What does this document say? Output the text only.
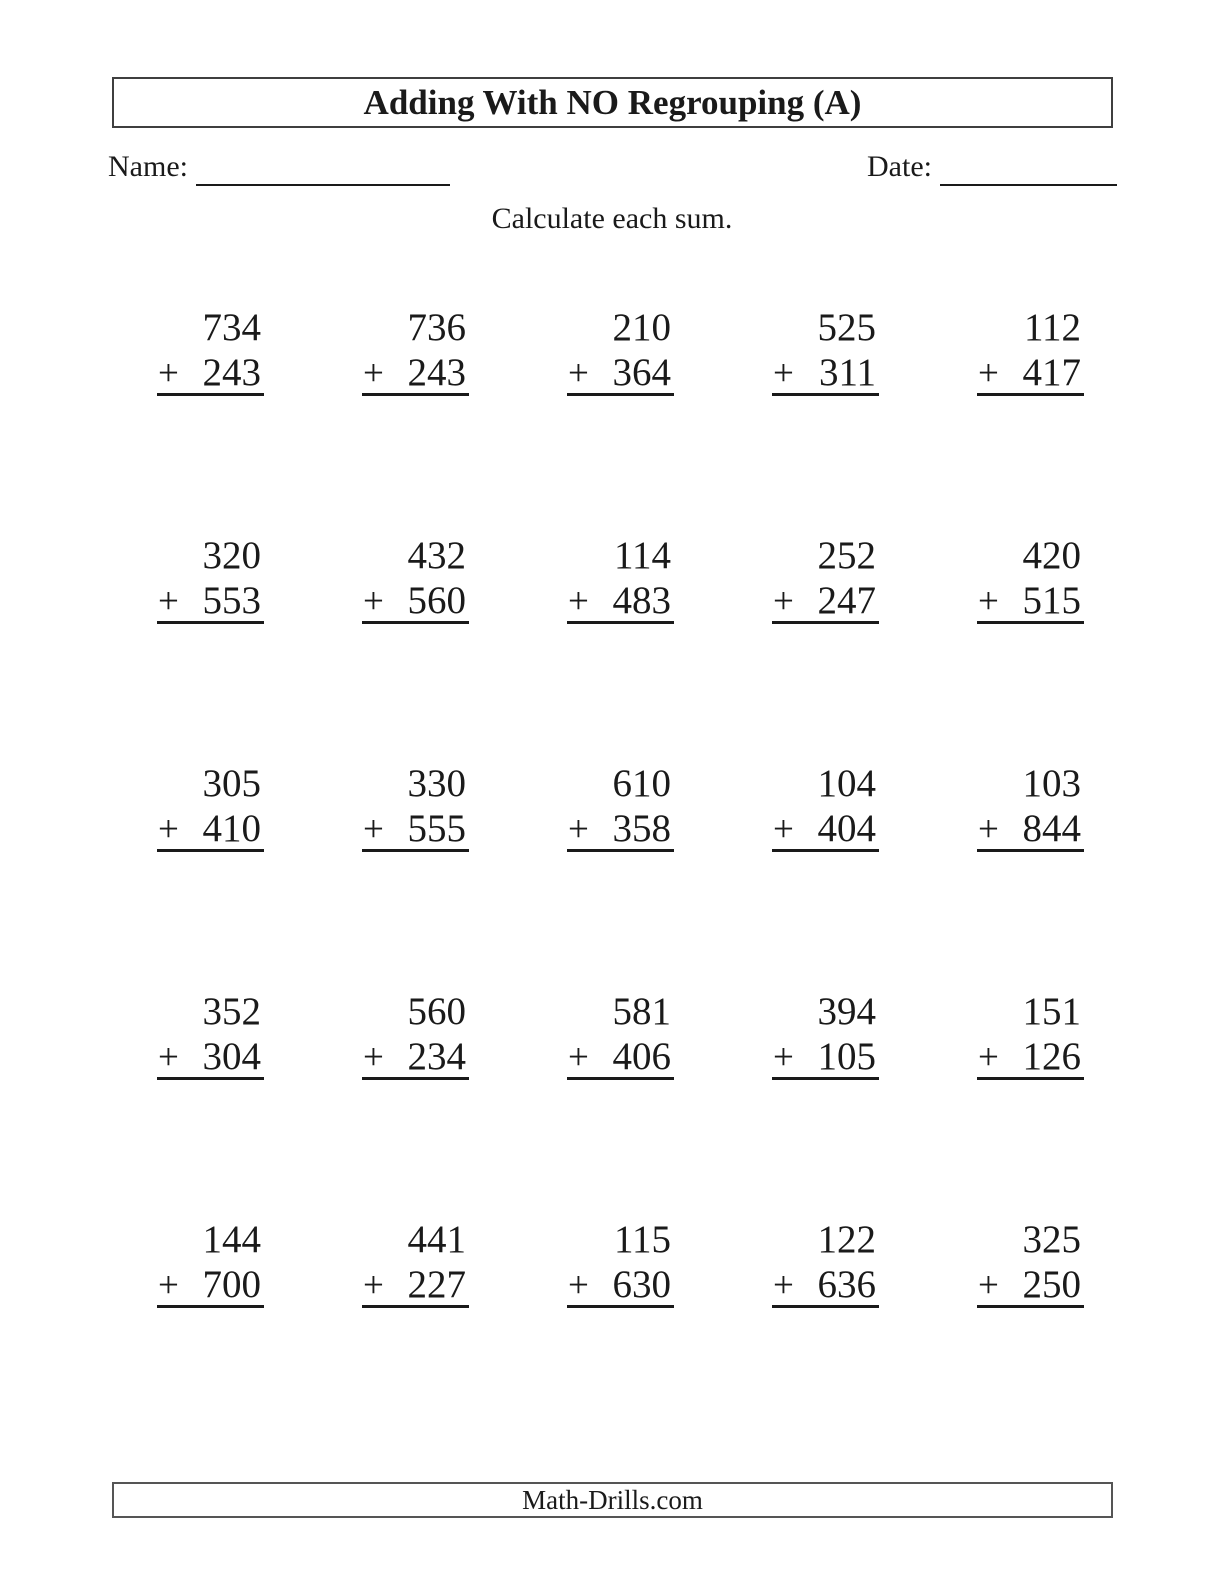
Adding With NO Regrouping (A)
Name:	Date:
Calculate each sum.
734
+ 243
736
+ 243
210
+ 364
525
+ 311
112
+ 417
320
+ 553
432
+ 560
114
+ 483
252
+ 247
420
+ 515
305
+ 410
330
+ 555
610
+ 358
104
+ 404
103
+ 844
352
+ 304
560
+ 234
581
+ 406
394
+ 105
151
+ 126
144
+ 700
441
+ 227
115
+ 630
122
+ 636
325
+ 250
Math-Drills.com
